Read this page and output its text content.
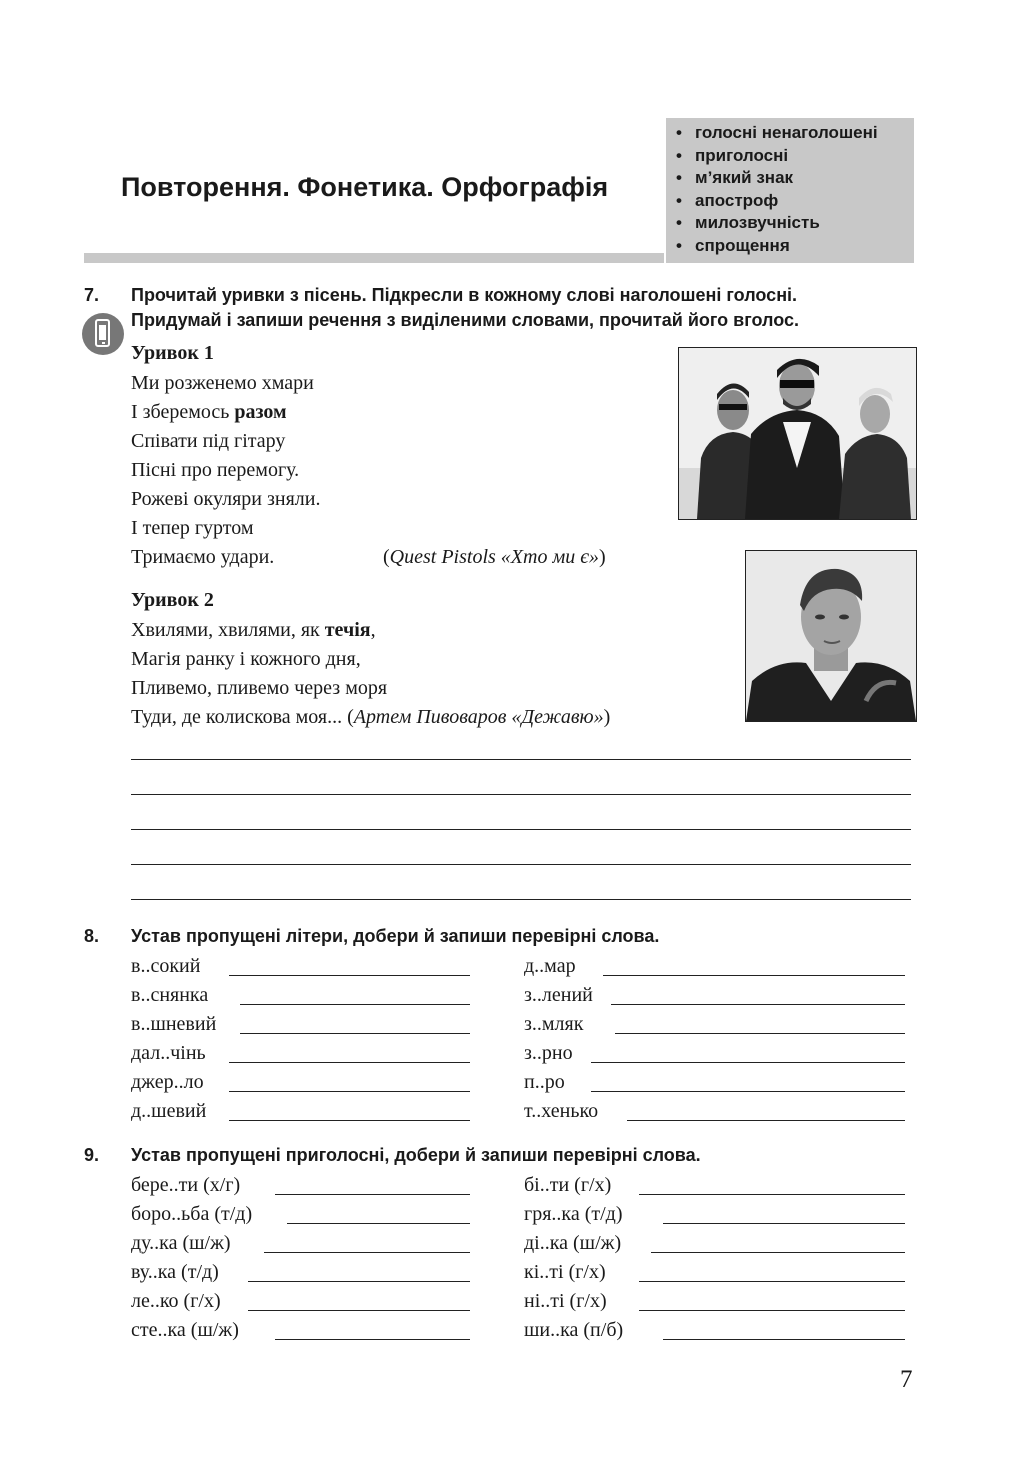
Повторення. Фонетика. Орфографія
• голосні ненаголошені
• приголосні
• м’який знак
• апостроф
• милозвучність
• спрощення
7. Прочитай уривки з пісень. Підкресли в кожному слові наголошені голосні.
Придумай і запиши речення з виділеними словами, прочитай його вголос.
Уривок 1
Ми розженемо хмари
І зберемось разом
Співати під гітару
Пісні про перемогу.
Рожеві окуляри зняли.
І тепер гуртом
Тримаємо удари.	(Quest Pistols «Хто ми є»)
Уривок 2
Хвилями, хвилями, як течія,
Магія ранку і кожного дня,
Пливемо, пливемо через моря
Туди, де колискова моя... (Артем Пивоваров «Дежавю»)
8. Устав пропущені літери, добери й запиши перевірні слова.
в..сокий
в..снянка
в..шневий
дал..чінь
джер..ло
д..шевий
д..мар
з..лений
з..мляк
з..рно
п..ро
т..хенько
9. Устав пропущені приголосні, добери й запиши перевірні слова.
бере..ти (х/г)
боро..ьба (т/д)
ду..ка (ш/ж)
ву..ка (т/д)
ле..ко (г/х)
сте..ка (ш/ж)
бі..ти (г/х)
гря..ка (т/д)
ді..ка (ш/ж)
кі..ті (г/х)
ні..ті (г/х)
ши..ка (п/б)
7
